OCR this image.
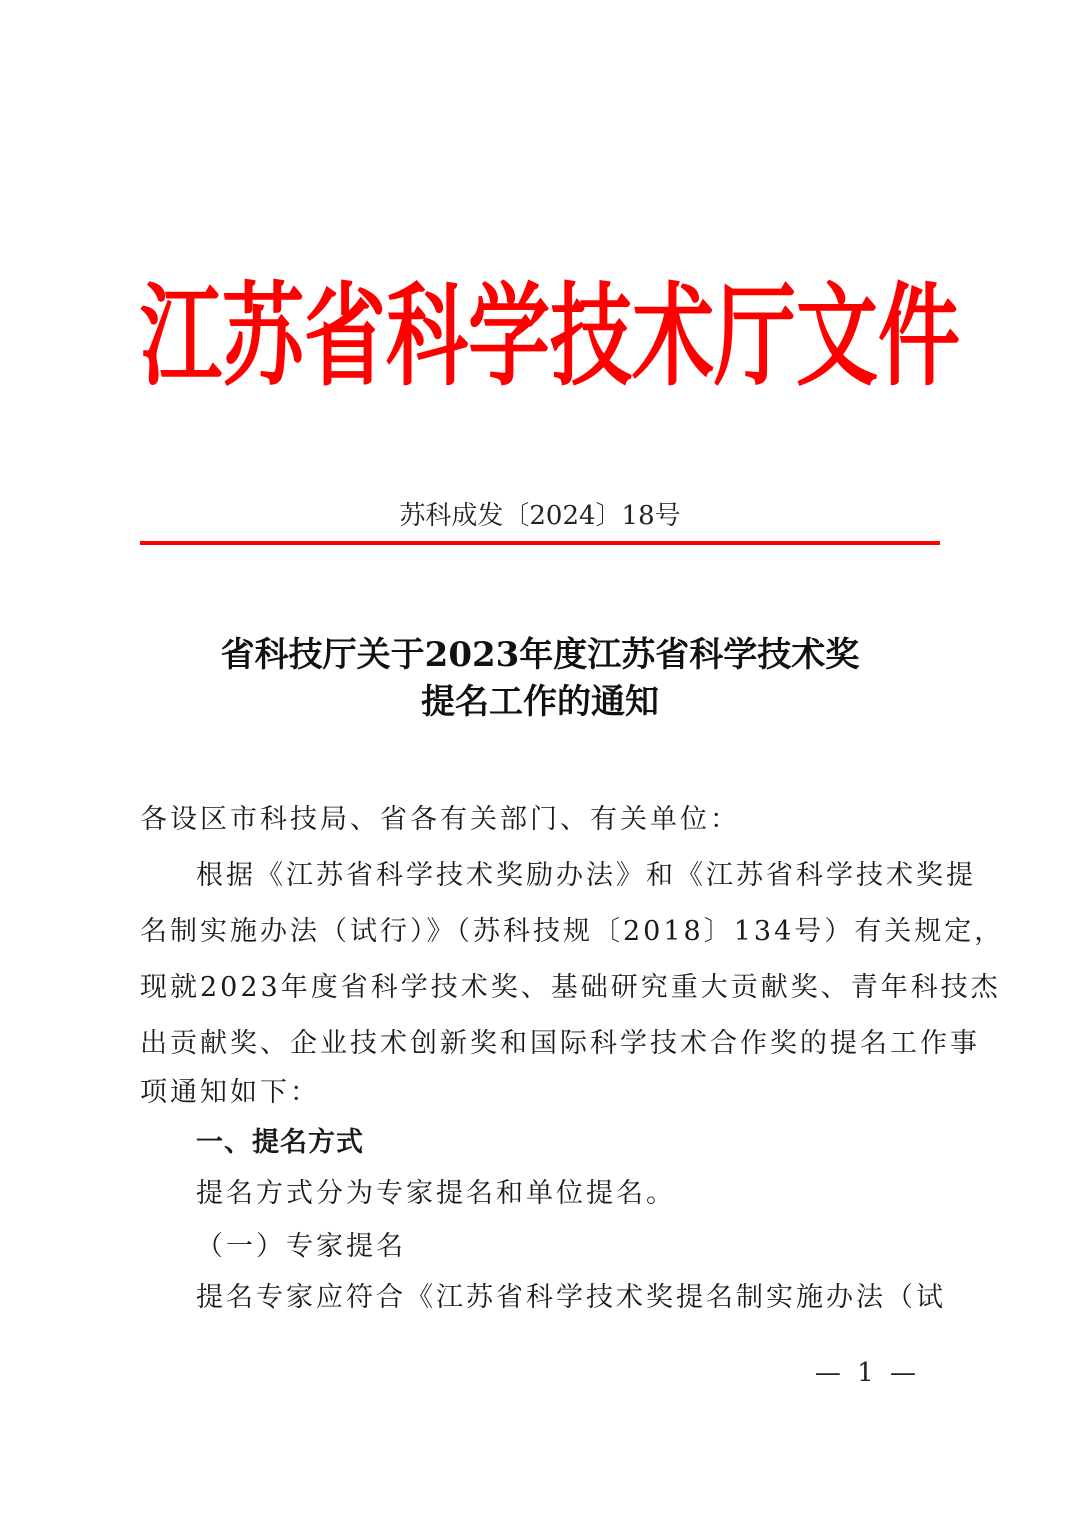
江苏省科学技术厅文件
苏科成发〔2024〕18号
省科技厅关于2023年度江苏省科学技术奖
提名工作的通知
各设区市科技局、省各有关部门、有关单位：
根据《江苏省科学技术奖励办法》和《江苏省科学技术奖提
名制实施办法（试行）》（苏科技规〔2018〕134号）有关规定，
现就2023年度省科学技术奖、基础研究重大贡献奖、青年科技杰
出贡献奖、企业技术创新奖和国际科学技术合作奖的提名工作事
项通知如下：
一、提名方式
提名方式分为专家提名和单位提名。
（一）专家提名
提名专家应符合《江苏省科学技术奖提名制实施办法（试
— 1 —
